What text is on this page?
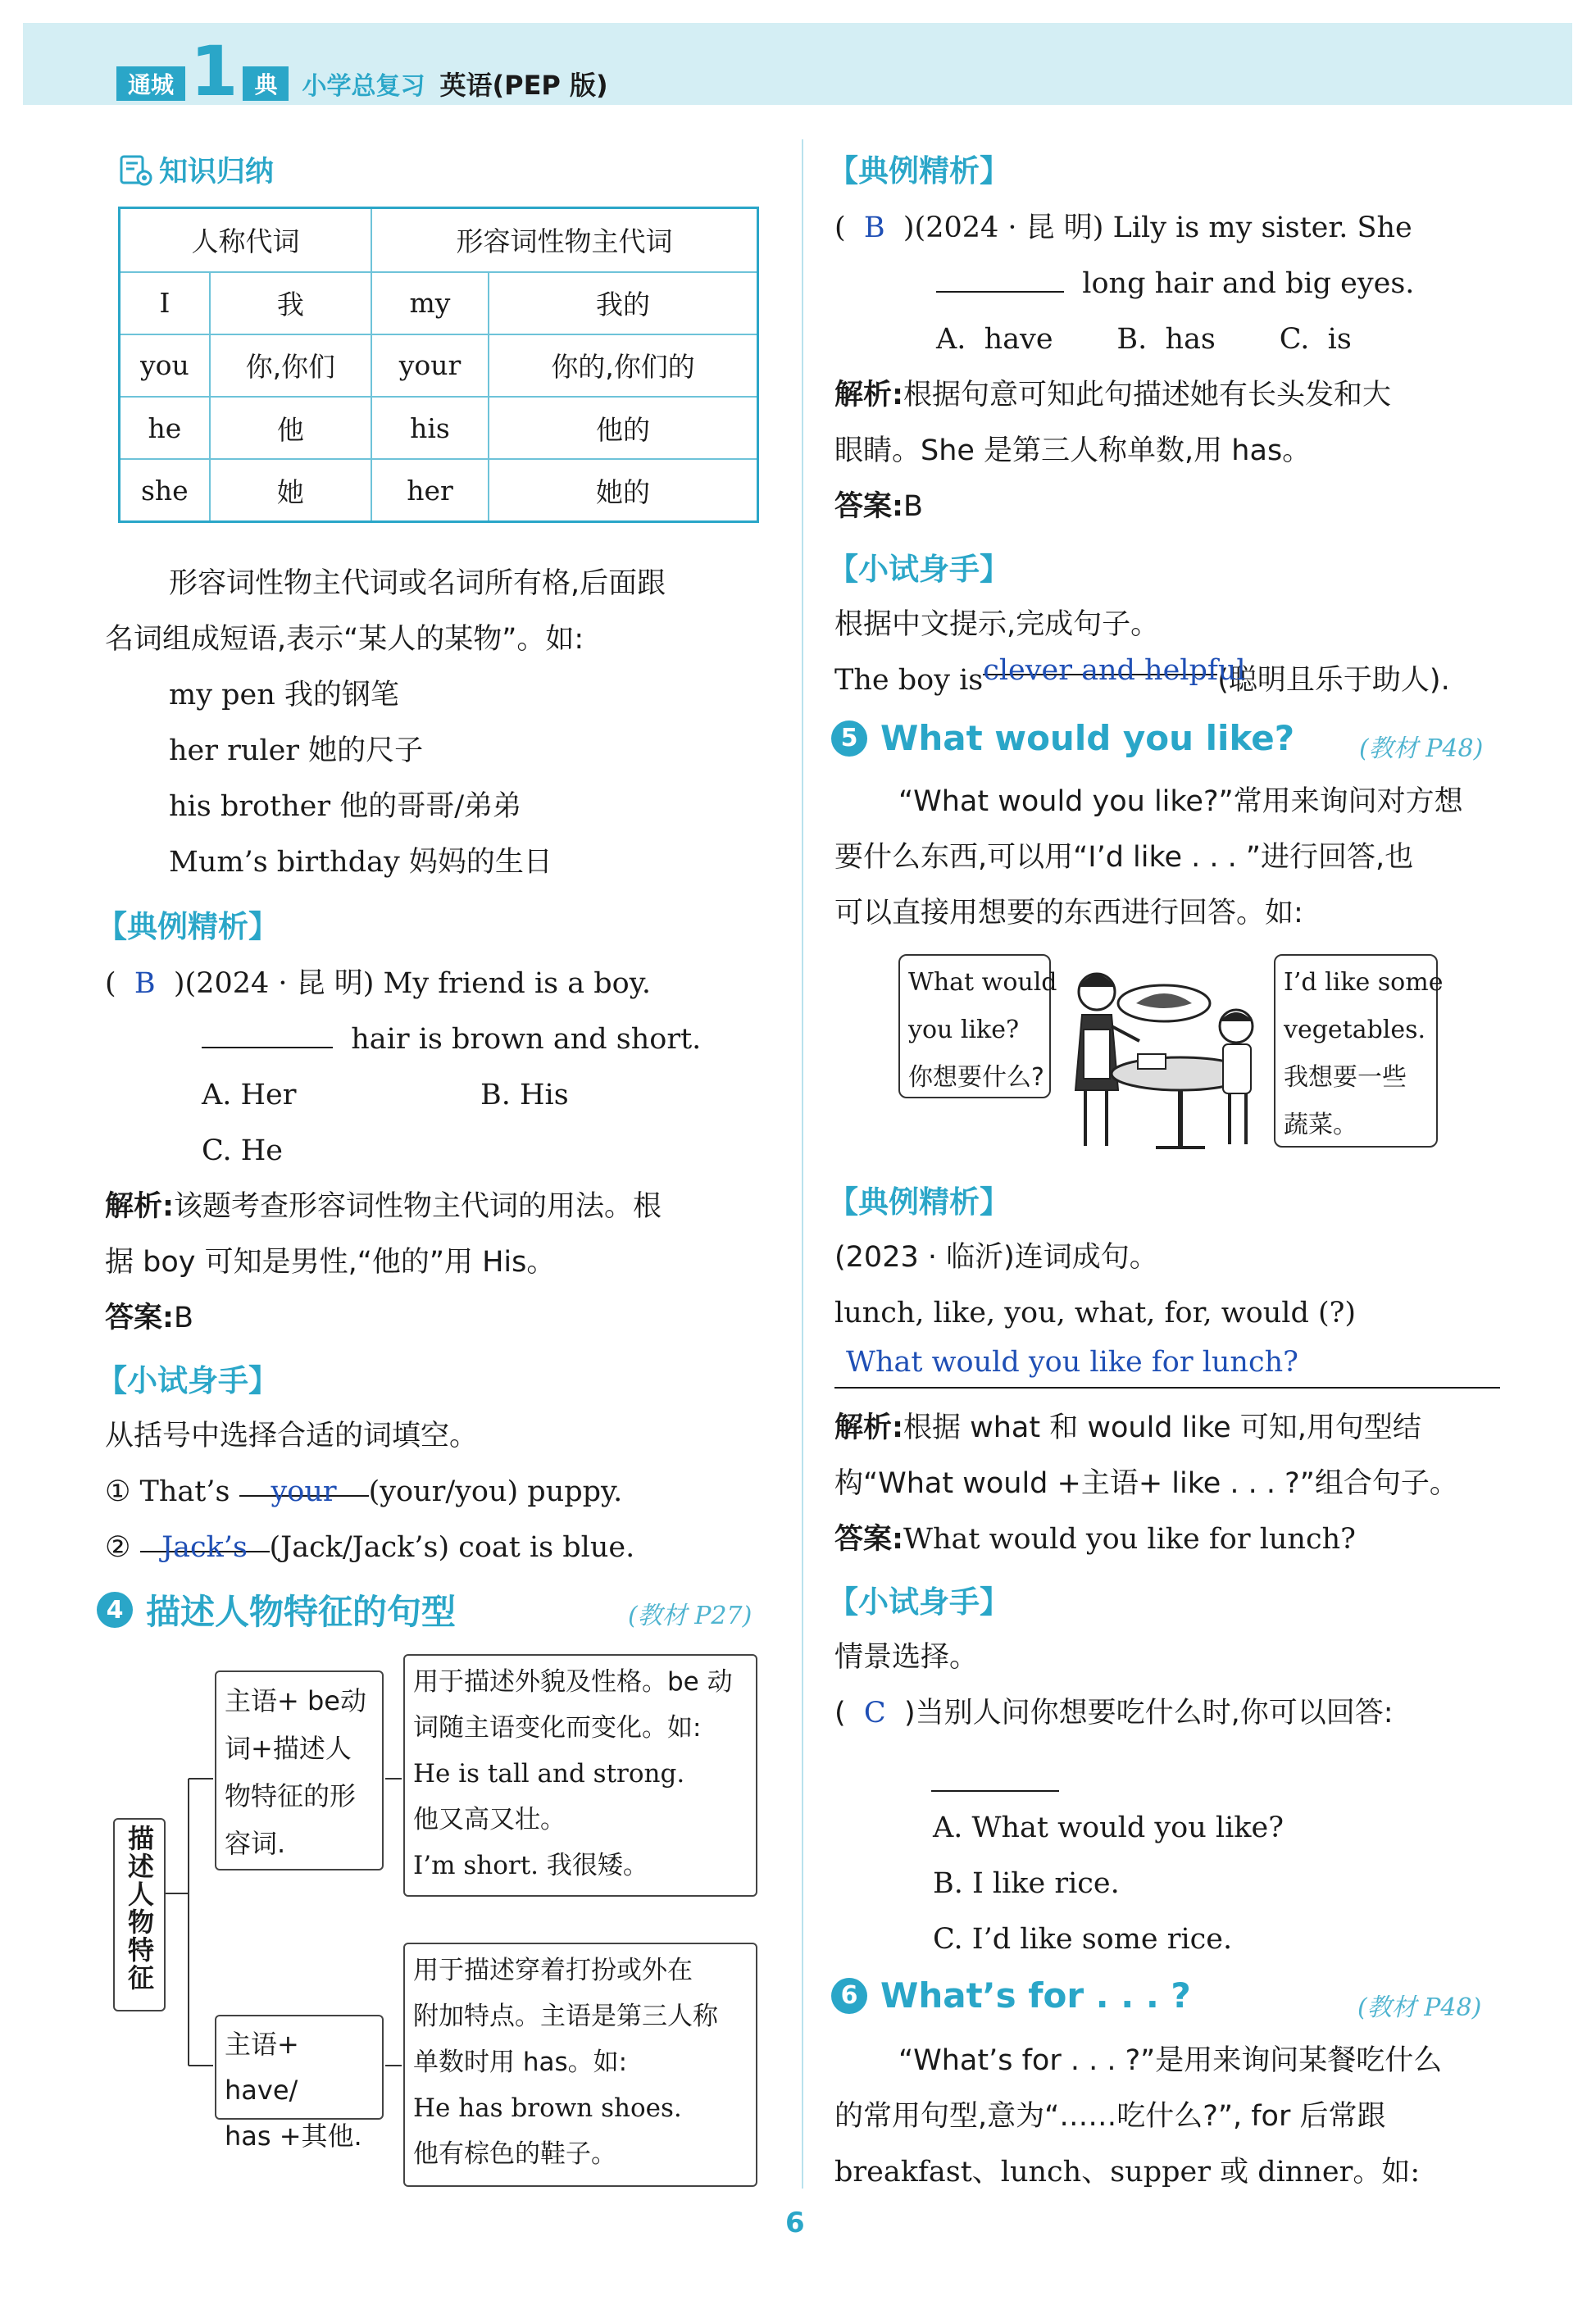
通城 1 典	小学总复习 英语(PEP 版)
知识归纳
人称代词		形容词性物主代词	
I	我	my	我的
you	你,你们	your	你的,你们的
he	他	his	他的
she	她	her	她的
形容词性物主代词或名词所有格,后面跟
名词组成短语,表示“某人的某物”。如:
my pen 我的钢笔
her ruler 她的尺子
his brother 他的哥哥/弟弟
Mum’s birthday 妈妈的生日
【典例精析】
(  B  )(2024 · 昆 明) My friend is a boy.
hair is brown and short.
A. Her	B. His
C. He
解析:该题考查形容词性物主代词的用法。根
据 boy 可知是男性,“他的”用 His。
答案:B
【小试身手】
从括号中选择合适的词填空。
① That’s your (your/you) puppy.
② Jack’s (Jack/Jack’s) coat is blue.
4 描述人物特征的句型	(教材 P27)
描述人物特征
主语+ be动
词+描述人
物特征的形
容词.
用于描述外貌及性格。be 动
词随主语变化而变化。如:
He is tall and strong.
他又高又壮。
I’m short. 我很矮。
主语+ have/
has +其他.
用于描述穿着打扮或外在
附加特点。主语是第三人称
单数时用 has。如:
He has brown shoes.
他有棕色的鞋子。
【典例精析】
(  B )(2024 · 昆 明) Lily is my sister. She
long hair and big eyes.
A.  have       B.  has       C.  is
解析:根据句意可知此句描述她有长头发和大
眼睛。She 是第三人称单数,用 has。
答案:B
【小试身手】
根据中文提示,完成句子。
The boy isclever and helpful(聪明且乐于助人).
5 What would you like?	(教材 P48)
“What would you like?”常用来询问对方想
要什么东西,可以用“I’d like . . . ”进行回答,也
可以直接用想要的东西进行回答。如:
What would
you like?
你想要什么?
I’d like some
vegetables.
我想要一些
蔬菜。
【典例精析】
(2023 · 临沂)连词成句。
lunch, like, you, what, for, would (?)
What would you like for lunch?
解析:根据 what 和 would like 可知,用句型结
构“What would +主语+ like . . . ?”组合句子。
答案:What would you like for lunch?
【小试身手】
情景选择。
(  C )当别人问你想要吃什么时,你可以回答:
A. What would you like?
B. I like rice.
C. I’d like some rice.
6 What’s for . . . ?	(教材 P48)
“What’s for . . . ?”是用来询问某餐吃什么
的常用句型,意为“……吃什么?”, for 后常跟
breakfast、lunch、supper 或 dinner。如:
6
